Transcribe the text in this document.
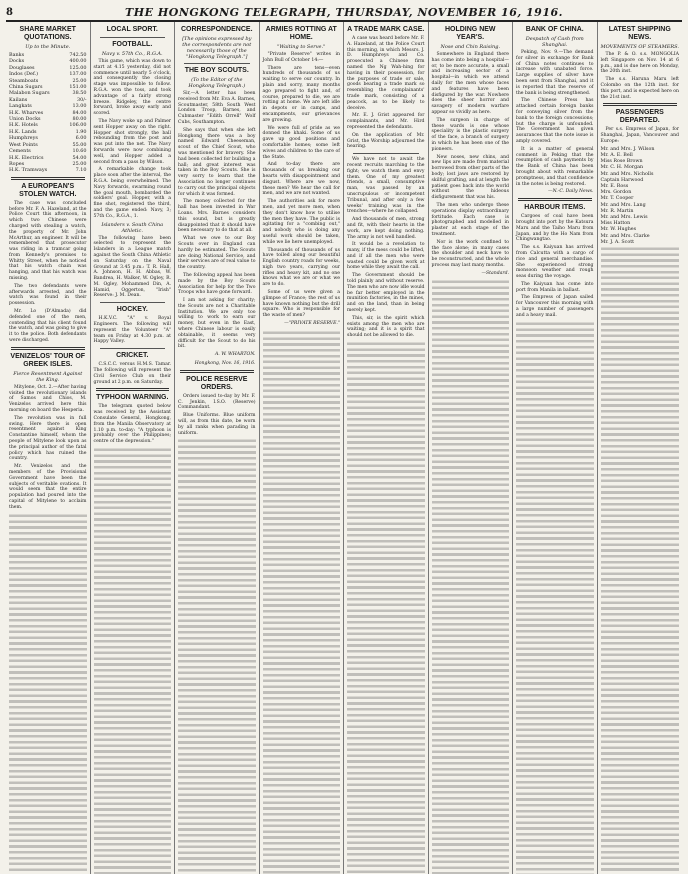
8	THE HONGKONG TELEGRAPH, THURSDAY, NOVEMBER 16, 1916.
SHARE MARKET QUOTATIONS.
Up to the Minute.
Banks	742.50
Docks	400.00
Douglases	125.00
Indos (Def.)	137.00
Steamboats	25.00
China Sugars	151.00
Malabon Sugars	38.50
Kailans	30/-
Langkats	13.00
H.K. Wharves	84.00
Union Docks	80.00
H.K. Hotels	106.00
H.K. Lands	1.90
Humphreys	6.00
West Points	55.00
Cements	10.60
H.K. Electrics	54.00
Ropes	25.00
H.K. Tramways	7.10
A EUROPEAN'S STOLEN WATCH.

The case was concluded before Mr. F. A. Hazeland, at the Police Court this afternoon, in which two Chinese were charged with stealing a watch, the property of Mr. John McArthur, an engineer. It will be remembered that prosecutor was riding in a tramcar going from Kennedy's premises to Whitty Street, when he noticed that his watch chain was hanging, and that his watch was missing.

The two defendants were afterwards arrested, and the watch was found in their possession.

Mr. Lo (D'Almada) did defended one of the men, contending that his client found the watch, and was going to give it to the police. Both defendants were discharged.

VENIZELOS' TOUR OF GREEK ISLES.
Fierce Resentment Against the King.

Mitylene, Oct. 2.—After having visited the revolutionary islands of Samos and Chios, M. Venizelos arrived here this morning on board the Hesperia.

The revolution was in full swing. Here there is open resentment against King Constantine himself, whom the people of Mitylene look upon as the principal author of the fatal policy which has ruined the country.

Mr. Venizelos and the members of the Provisional Government have been the subjects of veritable ovations. It would seem that the entire population had poured into the capital of Mitylene to acclaim them.

LOCAL SPORT.
FOOTBALL.
Navy v. 57th Co., R.G.A.

This game, which was down to start at 4.15 yesterday, did not commence until nearly 5 o'clock, and consequently the closing stage was impossible to follow. R.G.A. won the toss, and took advantage of a fairly strong breeze. Ridgeley, the centre forward, broke away early and scored.

The Navy woke up and Palmer sent Hopper away on the right. Hopper shot strongly, the ball rebounding from the post and was put into the net. The Navy forwards were now combining well, and Hopper added a second from a pass by Wilson.

A remarkable change took place soon after the interval, the R.G.A. being overwhelmed. The Navy forwards, swarming round the goal mouth, bombarded the soldiers' goal. Hopper, with a fine shot, registered the third, and the game ended: Navy, 3; 57th Co., R.G.A., 1.

Islanders v. South China Athletic.

The following have been selected to represent the Islanders in a League match against the South China Athletic on Saturday on the Naval Ground at 3.45 p.m.: T. R. Hall, A. Johnson, H. H. Abbas, W. Bandrea, H. Walker, W. Ogley, R. M. Ogley, Mohammed Din, A. Hamid, Oggerton, "Irish" Reserve: J. M. Dean.

HOCKEY.

H.K.V.C. "A" v. Royal Engineers. The following will represent the Volunteer "A" team on Friday at 4.30 p.m. at Happy Valley.

CRICKET.

C.S.C.C. versus H.M.S. Tamar. The following will represent the Civil Service Club on their ground at 2 p.m. on Saturday.

TYPHOON WARNING.

The telegram quoted below was received by the Assistant Consulate General, Hongkong, from the Manila Observatory at 1.10 p.m. to-day: "A typhoon is probably over the Philippines; centre of the depression."

CORRESPONDENCE.
[The opinions expressed by the correspondents are not necessarily those of the "Hongkong Telegraph."]
THE BOY SCOUTS.
(To the Editor of the Hongkong Telegraph.)

Sir,—A letter has been received from Mr. Eva A. Barnes, Scoutmaster, 58th South West London Troop, Barnes, and Cubmaster "Edith Orrell" Wolf Cubs, Southampton.

She says that when she left Hongkong there was a boy named Edward Cheeseman, scout of the Chief Scout, who was mentioned for bravery. She had been collected for building a hall; and great interest was taken in the Boy Scouts. She is very sorry to learn that the Association no longer continues to carry out the principal objects for which it was formed.

The money collected for the hall has been invested in War Loans. Mrs. Barnes considers this sound, but is greatly disappointed that it should have been necessary to do that at all.

What we owe to our Boy Scouts over in England can hardly be estimated. The Scouts are doing National Service, and their services are of real value to the country.

The following appeal has been made by the Boy Scouts Association for help for the Two Troops who have gone forward.

I am not asking for charity; the Scouts are not a Charitable Institution. We are only too willing to work to earn our money, but even in the East, where Chinese labour is easily obtainable, it seems very difficult for the Scout to do his bit.

A. W. WHARTON.
Hongkong, Nov. 16, 1916.
POLICE RESERVE ORDERS.

Orders issued to-day by Mr. F. C. Jenkin, I.S.O. (Reserve) Commandant.

Blue Uniforms. Blue uniform will, as from this date, be worn by all ranks when parading in uniform.

ARMIES ROTTING AT HOME.
"Waiting to Serve."

"Private Reserve" writes in John Bull of October 14:—

There are tens—even hundreds of thousands of us waiting to serve our country. In plain and sorry, many months ago prepared to fight and, of course, prepared to die, we are rotting at home. We are left idle in depots or in camps, and encampments, our grievances are growing.

We were full of pride as we donned the khaki. Some of us gave up good positions and comfortable homes; some left wives and children to the care of the State.

And to-day there are thousands of us breaking our hearts with disappointment and disgust. Where are we now, these men? We hear the call for men, and we are not wanted.

The authorities ask for more men, and yet more men, when they don't know how to utilise the men they have. The public is agitating for a "combing out," and nobody who is doing any useful work should be taken, while we lie here unemployed.

Thousands of thousands of us have toiled along our beautiful English country roads for weeks, nigh two years, carrying our rifles and heavy kit, and no one knows what we are or what we are to do.

Some of us were given a glimpse of France; the rest of us have known nothing but the drill square. Who is responsible for the waste of men?

—"PRIVATE RESERVE."
A TRADE MARK CASE.

A case was heard before Mr. F. A. Hazeland, at the Police Court this morning, in which Messrs. J. D. Humphreys and Co. prosecuted a Chinese firm named the Ng Wah-hing for having in their possession, for the purposes of trade or sale, goods bearing a trade mark so resembling the complainants' trade mark, consisting of a peacock, as to be likely to deceive.

Mr. E. J. Grist appeared for complainants, and Mr. Hird represented the defendants.

On the application of Mr. Grist, the Worship adjourned the hearing.

We have not to await the recent recruits marching to the fight; we watch them and envy them. One of my greatest friends, a small, consumptive man, was passed by an unscrupulous or incompetent Tribunal, and after only a few weeks' training was in the trenches—where he collapsed.

And thousands of men, strong and fit, with their hearts in the work, are kept doing nothing. The army is not well handled.

It would be a revelation to many, if the mess could be lifted, and if all the men who were wasted could be given work at home while they await the call.

The Government should be told plainly and without reserve. The men who are now idle would be far better employed in the munition factories, in the mines, and on the land, than in being merely kept.

This, sir, is the spirit which exists among the men who are waiting; and it is a spirit that should not be allowed to die.

HOLDING NEW YEAR'S.
Nose and Chin Raising.

Somewhere in England there has come into being a hospital—or, to be more accurate, a small and increasing sector of a hospital—in which we attend daily for the men whose faces and features have been disfigured by the war. Nowhere does the sheer horror and savagery of modern warfare appear so vividly as here.

The surgeon in charge of these wards is one whose speciality is the plastic surgery of the face, a branch of surgery in which he has been one of the pioneers.

New noses, new chins, and new lips are made from material borrowed from other parts of the body; lost jaws are restored by skilful grafting, and at length the patient goes back into the world without the hideous disfigurement that was his.

The men who undergo these operations display extraordinary fortitude. Each case is photographed and modelled in plaster at each stage of the treatment.

Nor is the work confined to the face alone; in many cases the shoulder and neck have to be reconstructed, and the whole process may last many months.

—Standard.
BANK OF CHINA.
Despatch of Cash from Shanghai.

Peking, Nov. 9.—The demand for silver in exchange for Bank of China notes continues to increase with unabated force. Large supplies of silver have been sent from Shanghai, and it is reported that the reserve of the bank is being strengthened.

The Chinese Press has attacked certain foreign banks for conveying silver from the bank to the foreign concessions; but the charge is unfounded. The Government has given assurances that the note issue is amply covered.

It is a matter of general comment in Peking that the resumption of cash payments by the Bank of China has been brought about with remarkable promptness, and that confidence in the notes is being restored.

—N.-C. Daily News.
HARBOUR ITEMS.

Cargoes of coal have been brought into port by the Katsura Maru and the Taiho Maru from Japan, and by the Ho Nam from Chingwangtao.

The s.s. Kaiyuan has arrived from Calcutta with a cargo of rice and general merchandise. She experienced strong monsoon weather and rough seas during the voyage.

The Kaiyuan has come into port from Manila in ballast.

The Empress of Japan sailed for Vancouver this morning with a large number of passengers and a heavy mail.

LATEST SHIPPING NEWS.
MOVEMENTS OF STEAMERS.

The P. & O. s.s. MONGOLIA left Singapore on Nov. 14 at 6 p.m., and is due here on Monday, the 20th inst.

The s.s. Haruna Maru left Colombo on the 12th inst. for this port, and is expected here on the 21st inst.

PASSENGERS DEPARTED.

Per s.s. Empress of Japan, for Shanghai, Japan, Vancouver and Europe:

Mr. and Mrs. J. Wilson
Mr. A. E. Bell
Miss Rose Brown
Mr. C. H. Morgan
Mr. and Mrs. Nicholls
Captain Harwood
Mr. E. Ross
Mrs. Gordon
Mr. T. Cooper
Mr. and Mrs. Lang
Mr. R. Martin
Mr. and Mrs. Lewis
Miss Hatton
Mr. W. Hughes
Mr. and Mrs. Clarke
Mr. J. A. Scott
